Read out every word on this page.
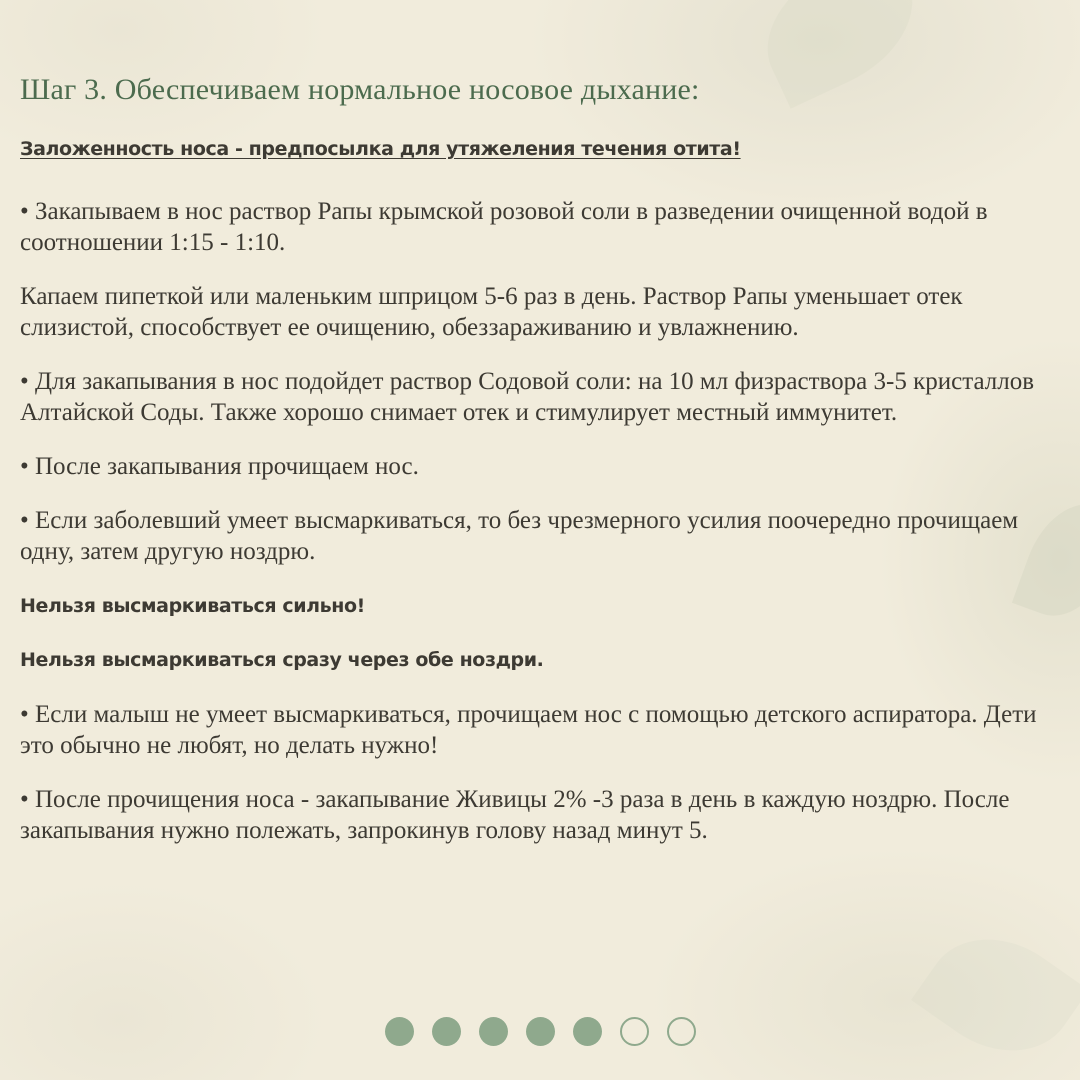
Шаг 3. Обеспечиваем нормальное носовое дыхание:
Заложенность носа - предпосылка для утяжеления течения отита!

• Закапываем в нос раствор Рапы крымской розовой соли в разведении очищенной водой в соотношении 1:15 - 1:10.

Капаем пипеткой или маленьким шприцом 5-6 раз в день. Раствор Рапы уменьшает отек слизистой, способствует ее очищению, обеззараживанию и увлажнению.

• Для закапывания в нос подойдет раствор Содовой соли: на 10 мл физраствора 3-5 кристаллов Алтайской Соды. Также хорошо снимает отек и стимулирует местный иммунитет.

• После закапывания прочищаем нос.

• Если заболевший умеет высмаркиваться, то без чрезмерного усилия поочередно прочищаем одну, затем другую ноздрю.

Нельзя высмаркиваться сильно!

Нельзя высмаркиваться сразу через обе ноздри.

• Если малыш не умеет высмаркиваться, прочищаем нос с помощью детского аспиратора. Дети это обычно не любят, но делать нужно!

• После прочищения носа - закапывание Живицы 2% -3 раза в день в каждую ноздрю. После закапывания нужно полежать, запрокинув голову назад минут 5.
